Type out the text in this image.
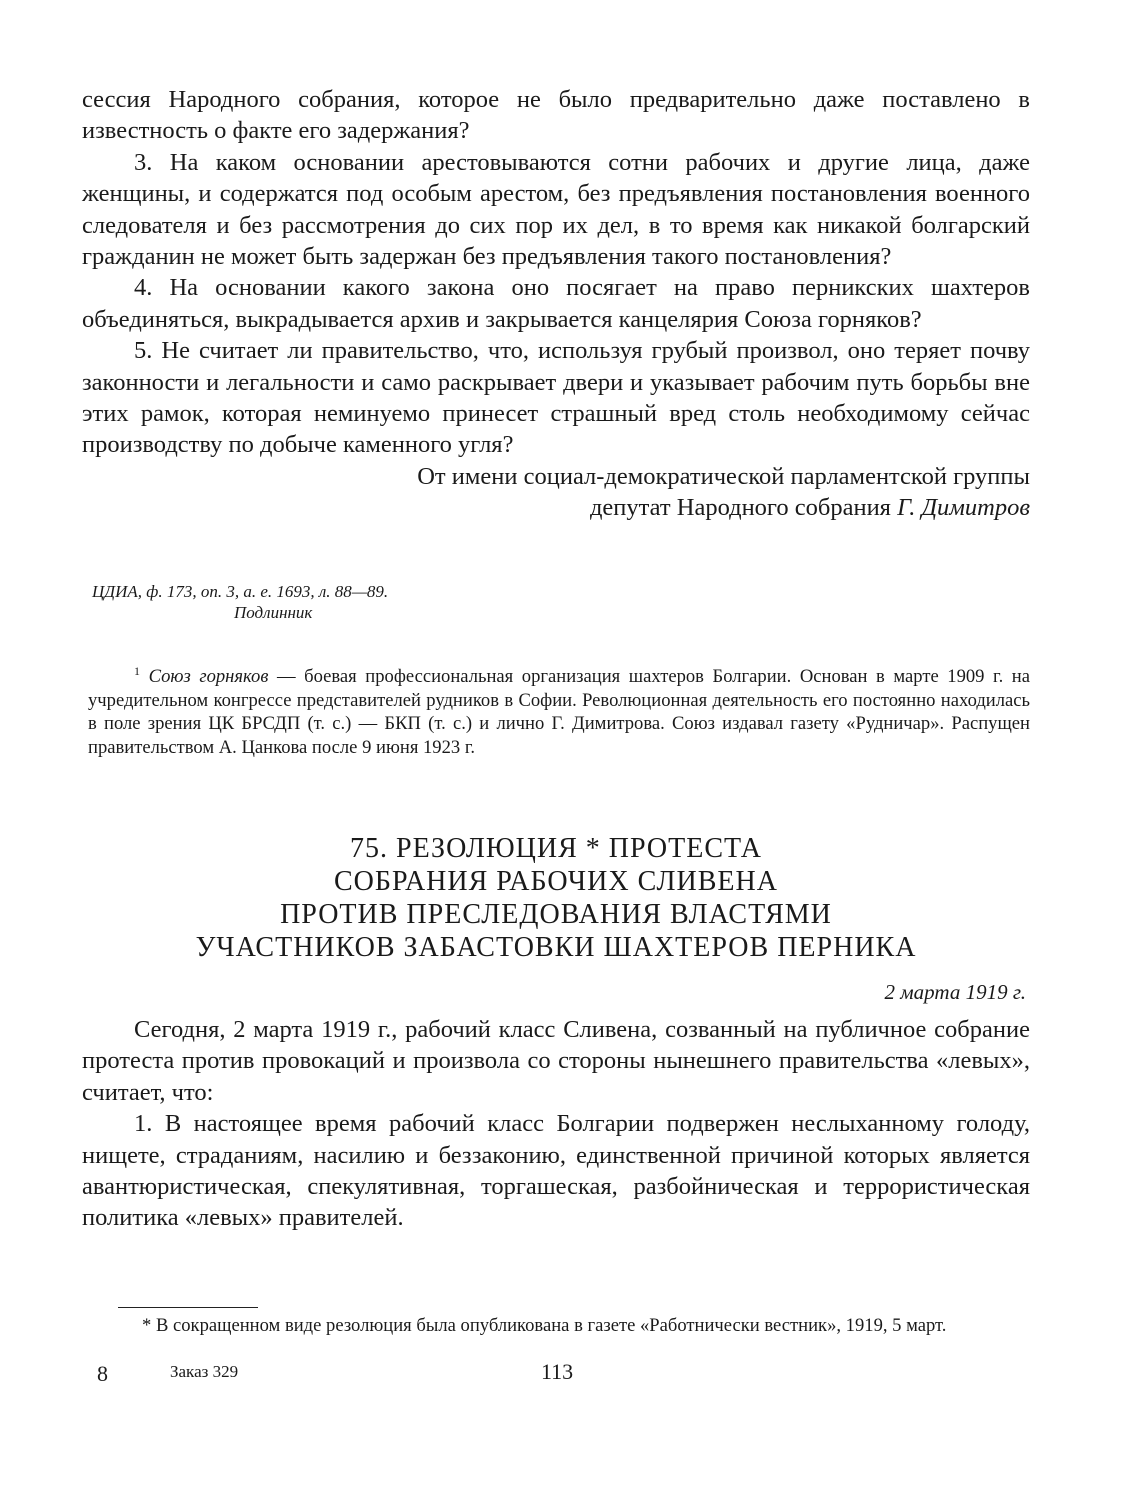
сессия Народного собрания, которое не было предварительно даже поставлено в известность о факте его задержания?

3. На каком основании арестовываются сотни рабочих и другие лица, даже женщины, и содержатся под особым арестом, без предъявления постановления военного следователя и без рассмотрения до сих пор их дел, в то время как никакой болгарский гражданин не может быть задержан без предъявления такого постановления?

4. На основании какого закона оно посягает на право перникских шахтеров объединяться, выкрадывается архив и закрывается канцелярия Союза горняков?

5. Не считает ли правительство, что, используя грубый произвол, оно теряет почву законности и легальности и само раскрывает двери и указывает рабочим путь борьбы вне этих рамок, которая неминуемо принесет страшный вред столь необходимому сейчас производству по добыче каменного угля?

От имени социал-демократической парламентской группы

депутат Народного собрания Г. Димитров

ЦДИА, ф. 173, оп. 3, а. е. 1693, л. 88—89.
Подлинник

$^1$ Союз горняков — боевая профессиональная организация шахтеров Болгарии. Основан в марте 1909 г. на учредительном конгрессе представителей рудников в Софии. Революционная деятельность его постоянно находилась в поле зрения ЦК БРСДП (т. с.) — БКП (т. с.) и лично Г. Димитрова. Союз издавал газету «Рудничар». Распущен правительством А. Цанкова после 9 июня 1923 г.

75. РЕЗОЛЮЦИЯ * ПРОТЕСТА
СОБРАНИЯ РАБОЧИХ СЛИВЕНА
ПРОТИВ ПРЕСЛЕДОВАНИЯ ВЛАСТЯМИ
УЧАСТНИКОВ ЗАБАСТОВКИ ШАХТЕРОВ ПЕРНИКА
2 марта 1919 г.

Сегодня, 2 марта 1919 г., рабочий класс Сливена, созванный на публичное собрание протеста против провокаций и произвола со стороны нынешнего правительства «левых», считает, что:

1. В настоящее время рабочий класс Болгарии подвержен неслыханному голоду, нищете, страданиям, насилию и беззаконию, единственной причиной которых является авантюристическая, спекулятивная, торгашеская, разбойническая и террористическая политика «левых» правителей.

* В сокращенном виде резолюция была опубликована в газете «Работнически вестник», 1919, 5 март.

8	Заказ 329	113
